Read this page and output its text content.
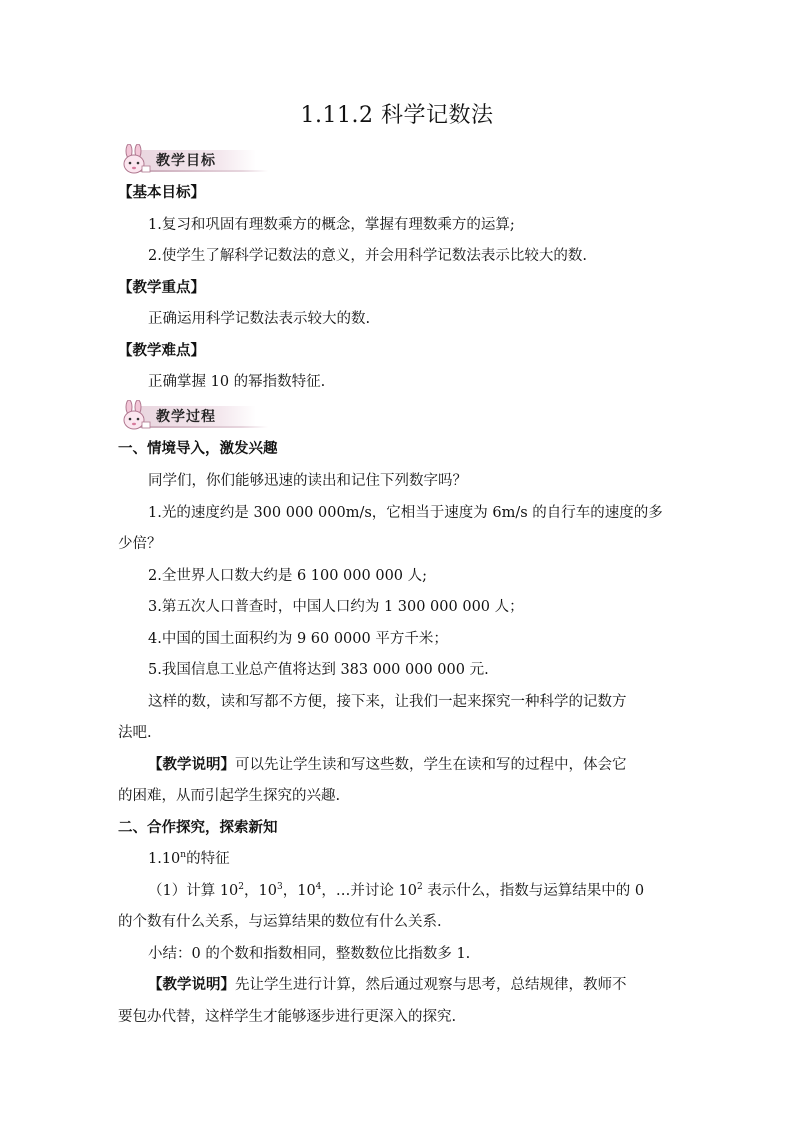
1.11.2 科学记数法
教学目标
【基本目标】
1.复习和巩固有理数乘方的概念，掌握有理数乘方的运算;
2.使学生了解科学记数法的意义，并会用科学记数法表示比较大的数.
【教学重点】
正确运用科学记数法表示较大的数.
【教学难点】
正确掌握 10 的幂指数特征.
教学过程
一、情境导入，激发兴趣
同学们，你们能够迅速的读出和记住下列数字吗？
1.光的速度约是 300 000 000m/s，它相当于速度为 6m/s 的自行车的速度的多
少倍？
2.全世界人口数大约是 6 100 000 000 人;
3.第五次人口普查时，中国人口约为 1 300 000 000 人；
4.中国的国土面积约为 9 60 0000 平方千米；
5.我国信息工业总产值将达到 383 000 000 000 元.
这样的数，读和写都不方便，接下来，让我们一起来探究一种科学的记数方
法吧.
【教学说明】可以先让学生读和写这些数，学生在读和写的过程中，体会它
的困难，从而引起学生探究的兴趣.
二、合作探究，探索新知
1.10$^n$的特征
（1）计算 $10^2$，$10^3$，$10^4$，…并讨论 $10^2$ 表示什么，指数与运算结果中的 0
的个数有什么关系，与运算结果的数位有什么关系.
小结：0 的个数和指数相同，整数数位比指数多 1.
【教学说明】先让学生进行计算，然后通过观察与思考，总结规律，教师不
要包办代替，这样学生才能够逐步进行更深入的探究.
